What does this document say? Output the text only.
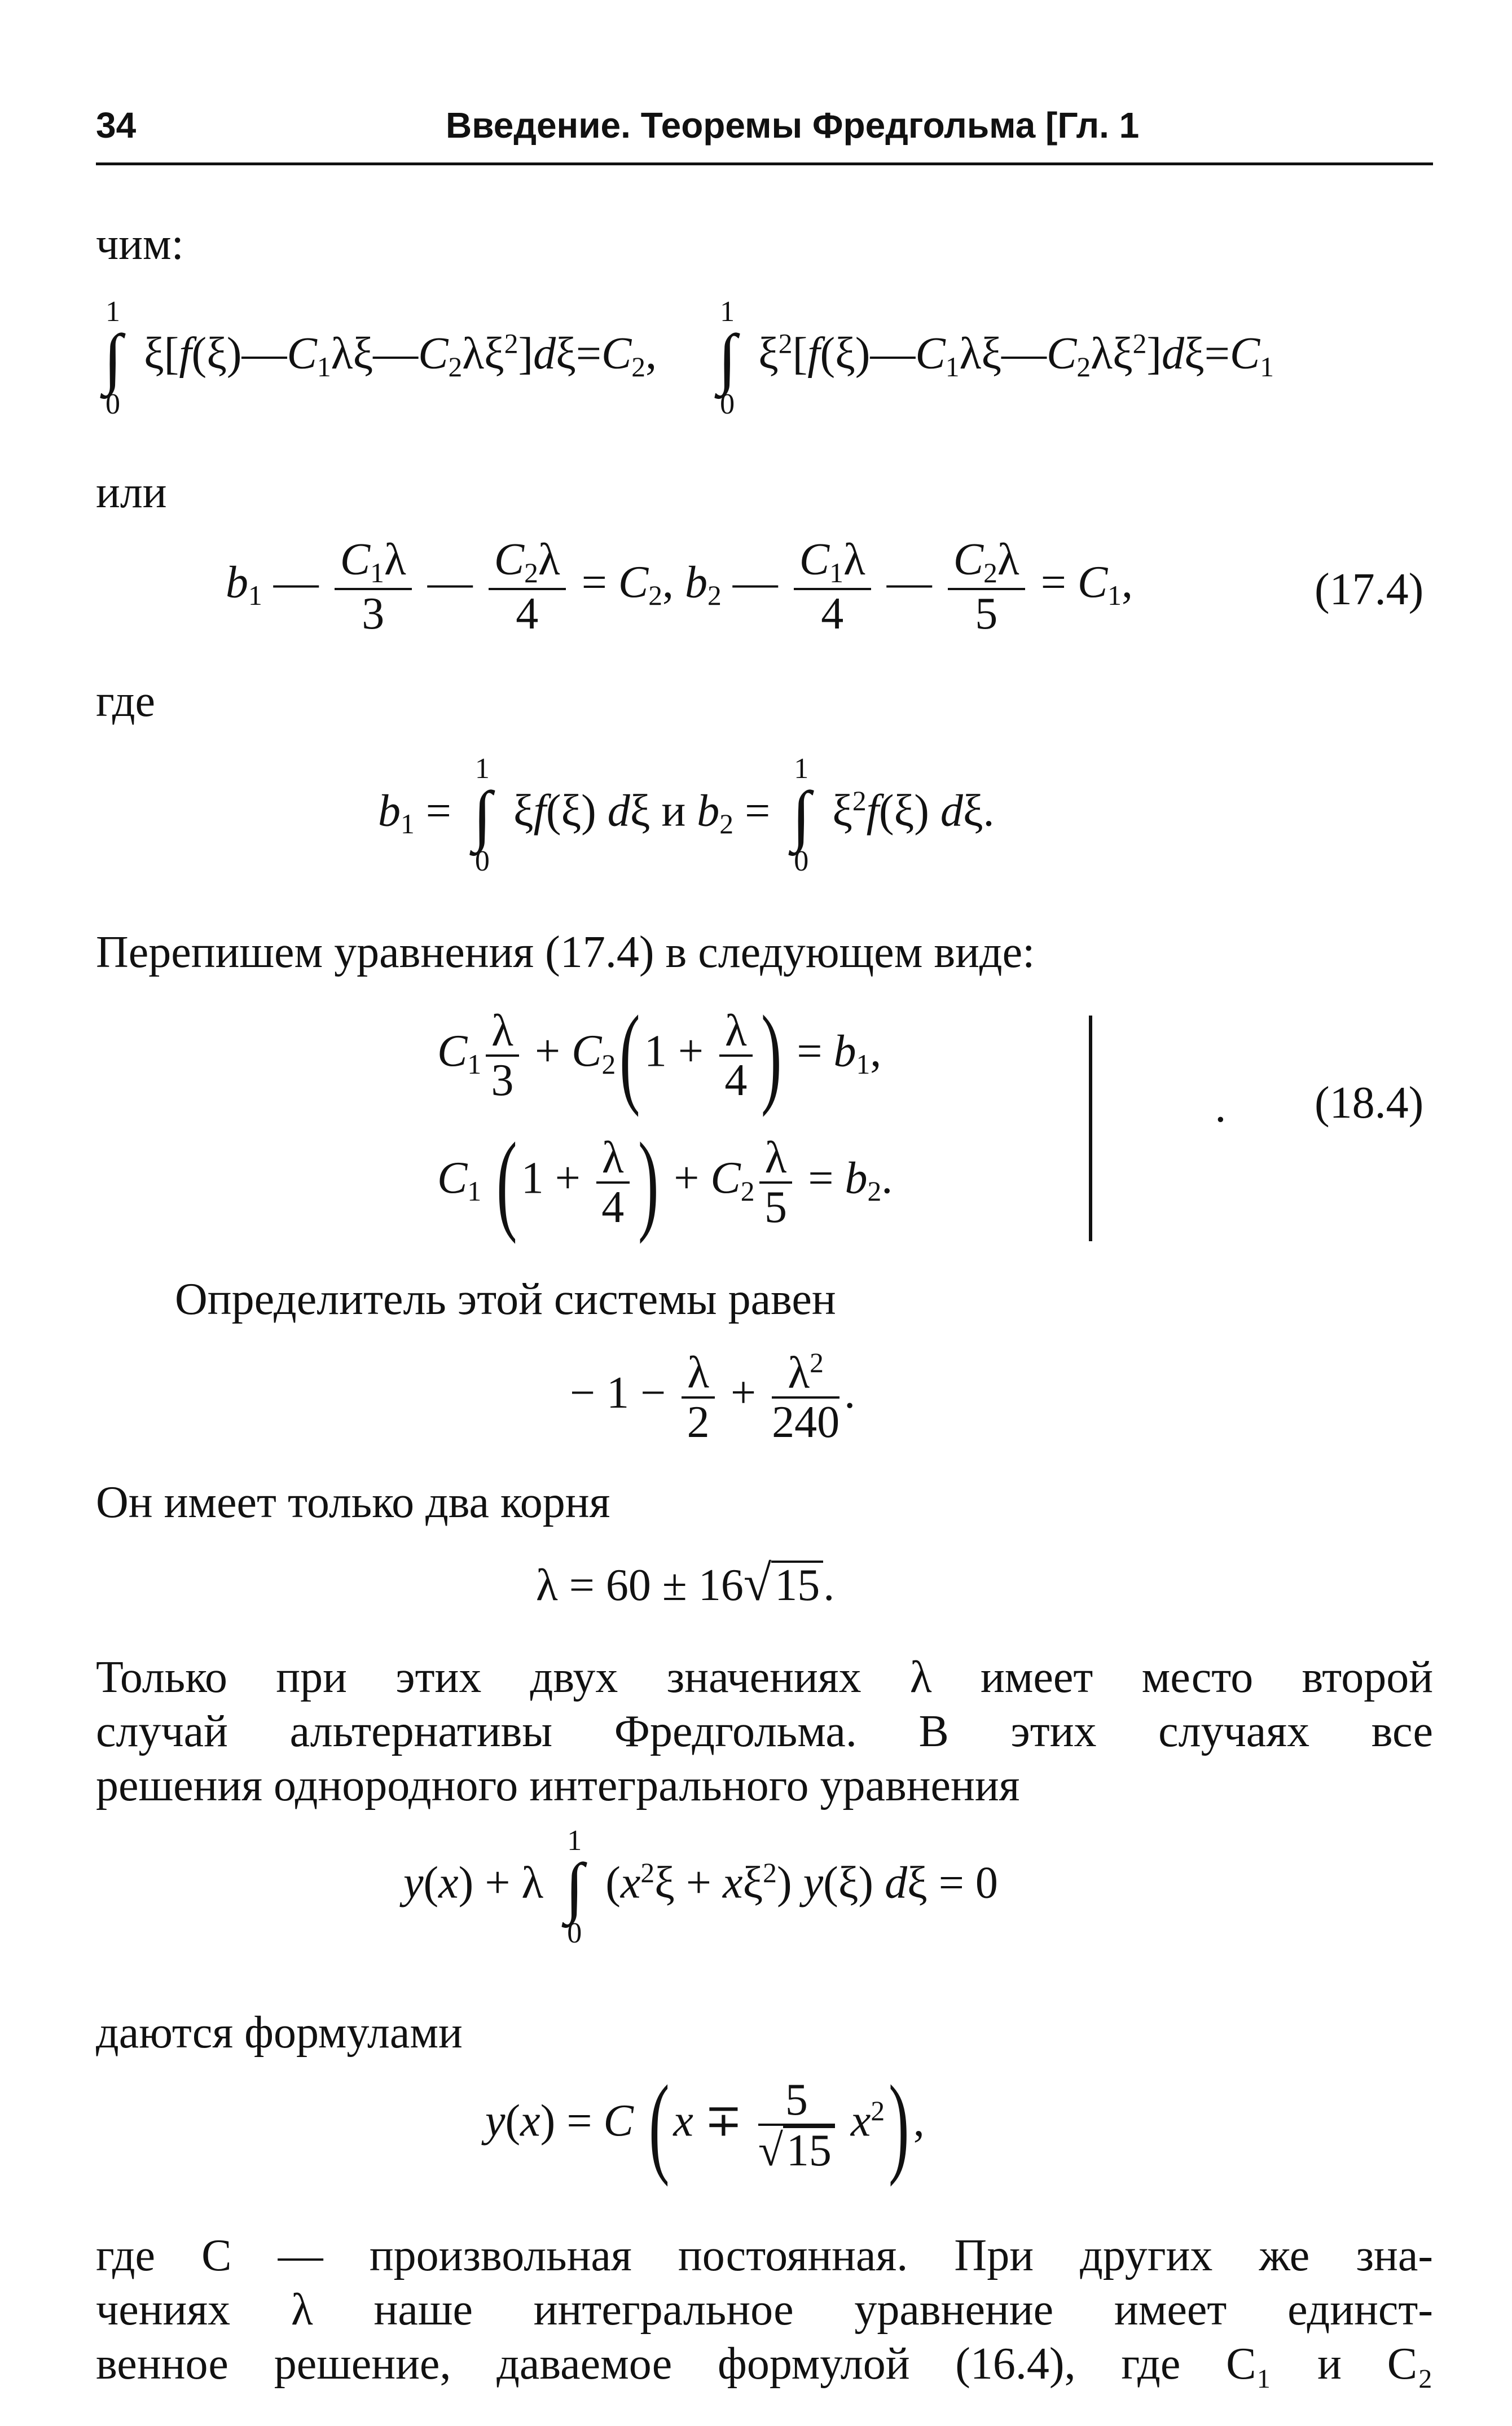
34	Введение. Теоремы Фредгольма [Гл. 1
чим:
1
∫
0
$\xi[f(\xi)—C_1\lambda\xi—C_2\lambda\xi^2]d\xi=C_2$,
1
∫
0
$\xi^2[f(\xi)—C_1\lambda\xi—C_2\lambda\xi^2]d\xi=C_1$
или
$b_1$ — $\frac{C_1\lambda}{3}$ — $\frac{C_2\lambda}{4} = C_2$, $b_2$ — $\frac{C_1\lambda}{4}$ — $\frac{C_2\lambda}{5} = C_1$,	(17.4)
где
$b_1$ =
1
∫
0
ξf(ξ) dξ и $b_2$ =
1
∫
0
$\xi^2f(\xi)$ dξ.
Перепишем уравнения (17.4) в следующем виде:
$C_1 \frac{\lambda}{3} + C_2(1 + \frac{\lambda}{4}$ ) = $b_1$,
$C_1$ ($1 + \frac{\lambda}{4}$ ) + $C_2 \frac{\lambda}{5} = b_2$.
· (18.4)
Определитель этой системы равен
− $1 - \frac{\lambda}{2} + \frac{\lambda^2}{240}$ .
Он имеет только два корня
λ = 60 ± 16√15.
Только при этих двух значениях λ имеет место второй
случай альтернативы Фредгольма. В этих случаях все
решения однородного интегрального уравнения
y(x) + λ
1
∫
0
$(x^2\xi + x\xi^2)$ y(ξ) dξ = 0
даются формулами
y(x) = C $(x \mp \frac{5}{√15} x^2)$,
где C — произвольная постоянная. При других же зна-
чениях λ наше интегральное уравнение имеет единст-
венное решение, даваемое формулой (16.4), где C₁ и C₂
